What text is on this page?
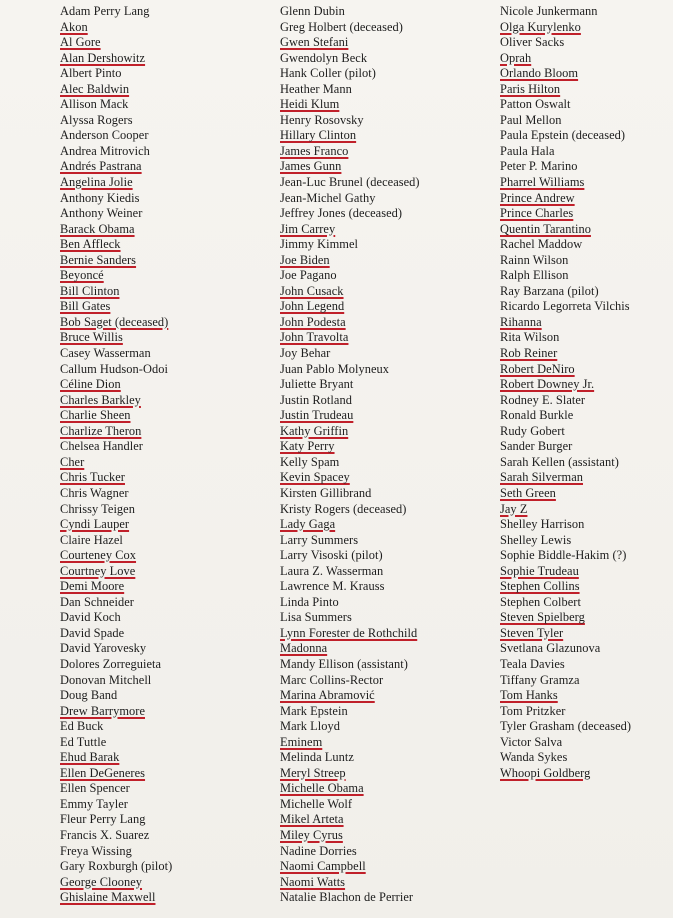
Adam Perry Lang
Akon
Al Gore
Alan Dershowitz
Albert Pinto
Alec Baldwin
Allison Mack
Alyssa Rogers
Anderson Cooper
Andrea Mitrovich
Andrés Pastrana
Angelina Jolie
Anthony Kiedis
Anthony Weiner
Barack Obama
Ben Affleck
Bernie Sanders
Beyoncé
Bill Clinton
Bill Gates
Bob Saget (deceased)
Bruce Willis
Casey Wasserman
Callum Hudson-Odoi
Céline Dion
Charles Barkley
Charlie Sheen
Charlize Theron
Chelsea Handler
Cher
Chris Tucker
Chris Wagner
Chrissy Teigen
Cyndi Lauper
Claire Hazel
Courteney Cox
Courtney Love
Demi Moore
Dan Schneider
David Koch
David Spade
David Yarovesky
Dolores Zorreguieta
Donovan Mitchell
Doug Band
Drew Barrymore
Ed Buck
Ed Tuttle
Ehud Barak
Ellen DeGeneres
Ellen Spencer
Emmy Tayler
Fleur Perry Lang
Francis X. Suarez
Freya Wissing
Gary Roxburgh (pilot)
George Clooney
Ghislaine Maxwell
Glenn Dubin
Greg Holbert (deceased)
Gwen Stefani
Gwendolyn Beck
Hank Coller (pilot)
Heather Mann
Heidi Klum
Henry Rosovsky
Hillary Clinton
James Franco
James Gunn
Jean-Luc Brunel (deceased)
Jean-Michel Gathy
Jeffrey Jones (deceased)
Jim Carrey
Jimmy Kimmel
Joe Biden
Joe Pagano
John Cusack
John Legend
John Podesta
John Travolta
Joy Behar
Juan Pablo Molyneux
Juliette Bryant
Justin Rotland
Justin Trudeau
Kathy Griffin
Katy Perry
Kelly Spam
Kevin Spacey
Kirsten Gillibrand
Kristy Rogers (deceased)
Lady Gaga
Larry Summers
Larry Visoski (pilot)
Laura Z. Wasserman
Lawrence M. Krauss
Linda Pinto
Lisa Summers
Lynn Forester de Rothchild
Madonna
Mandy Ellison (assistant)
Marc Collins-Rector
Marina Abramović
Mark Epstein
Mark Lloyd
Eminem
Melinda Luntz
Meryl Streep
Michelle Obama
Michelle Wolf
Mikel Arteta
Miley Cyrus
Nadine Dorries
Naomi Campbell
Naomi Watts
Natalie Blachon de Perrier
Nicole Junkermann
Olga Kurylenko
Oliver Sacks
Oprah
Orlando Bloom
Paris Hilton
Patton Oswalt
Paul Mellon
Paula Epstein (deceased)
Paula Hala
Peter P. Marino
Pharrel Williams
Prince Andrew
Prince Charles
Quentin Tarantino
Rachel Maddow
Rainn Wilson
Ralph Ellison
Ray Barzana (pilot)
Ricardo Legorreta Vilchis
Rihanna
Rita Wilson
Rob Reiner
Robert DeNiro
Robert Downey Jr.
Rodney E. Slater
Ronald Burkle
Rudy Gobert
Sander Burger
Sarah Kellen (assistant)
Sarah Silverman
Seth Green
Jay Z
Shelley Harrison
Shelley Lewis
Sophie Biddle-Hakim (?)
Sophie Trudeau
Stephen Collins
Stephen Colbert
Steven Spielberg
Steven Tyler
Svetlana Glazunova
Teala Davies
Tiffany Gramza
Tom Hanks
Tom Pritzker
Tyler Grasham (deceased)
Victor Salva
Wanda Sykes
Whoopi Goldberg
